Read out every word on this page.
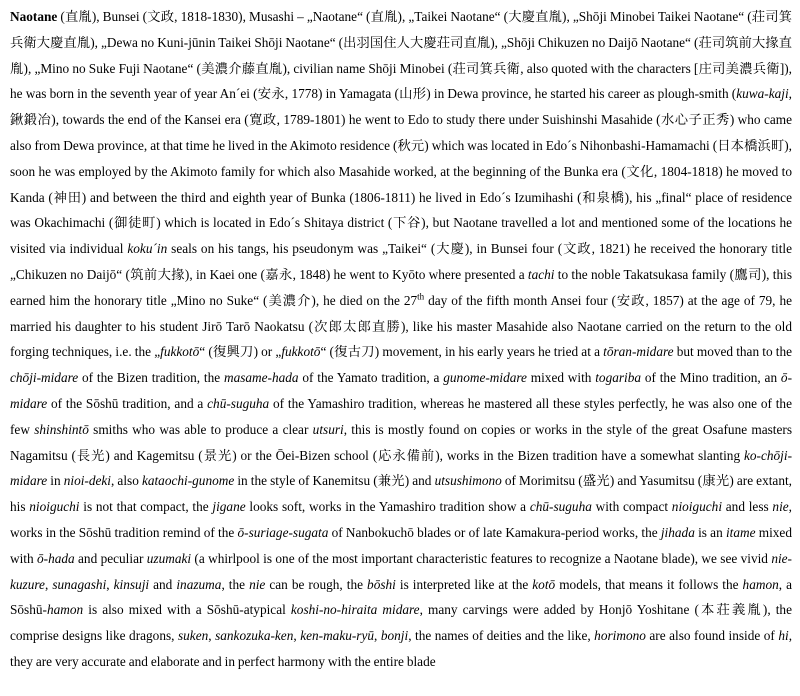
Naotane (直胤), Bunsei (文政, 1818-1830), Musashi – „Naotane“ (直胤), „Taikei Naotane“ (大慶直胤), „Shōji Minobei Taikei Naotane“ (荘司箕兵衛大慶直胤), „Dewa no Kuni-jūnin Taikei Shōji Naotane“ (出羽国住人大慶荘司直胤), „Shōji Chikuzen no Daijō Naotane“ (荘司筑前大掾直胤), „Mino no Suke Fuji Naotane“ (美濃介藤直胤), civilian name Shōji Minobei (荘司箕兵衛, also quoted with the characters [庄司美濃兵衛]), he was born in the seventh year of year An´ei (安永, 1778) in Yamagata (山形) in Dewa province, he started his career as plough-smith (kuwa-kaji, 鍬鍛冶), towards the end of the Kansei era (寛政, 1789-1801) he went to Edo to study there under Suishinshi Masahide (水心子正秀) who came also from Dewa province, at that time he lived in the Akimoto residence (秋元) which was located in Edo´s Nihonbashi-Hamamachi (日本橋浜町), soon he was employed by the Akimoto family for which also Masahide worked, at the beginning of the Bunka era (文化, 1804-1818) he moved to Kanda (神田) and between the third and eighth year of Bunka (1806-1811) he lived in Edo´s Izumihashi (和泉橋), his „final“ place of residence was Okachimachi (御徒町) which is located in Edo´s Shitaya district (下谷), but Naotane travelled a lot and mentioned some of the locations he visited via individual koku´in seals on his tangs, his pseudonym was „Taikei“ (大慶), in Bunsei four (文政, 1821) he received the honorary title „Chikuzen no Daijō“ (筑前大掾), in Kaei one (嘉永, 1848) he went to Kyōto where presented a tachi to the noble Takatsukasa family (鷹司), this earned him the honorary title „Mino no Suke“ (美濃介), he died on the 27th day of the fifth month Ansei four (安政, 1857) at the age of 79, he married his daughter to his student Jirō Tarō Naokatsu (次郎太郎直勝), like his master Masahide also Naotane carried on the return to the old forging techniques, i.e. the „fukkotō“ (復興刀) or „fukkotō“ (復古刀) movement, in his early years he tried at a tōran-midare but moved than to the chōji-midare of the Bizen tradition, the masame-hada of the Yamato tradition, a gunome-midare mixed with togariba of the Mino tradition, an ō-midare of the Sōshū tradition, and a chū-suguha of the Yamashiro tradition, whereas he mastered all these styles perfectly, he was also one of the few shinshintō smiths who was able to produce a clear utsuri, this is mostly found on copies or works in the style of the great Osafune masters Nagamitsu (長光) and Kagemitsu (景光) or the Ōei-Bizen school (応永備前), works in the Bizen tradition have a somewhat slanting ko-chōji-midare in nioi-deki, also kataochi-gunome in the style of Kanemitsu (兼光) and utsushimono of Morimitsu (盛光) and Yasumitsu (康光) are extant, his nioiguchi is not that compact, the jigane looks soft, works in the Yamashiro tradition show a chū-suguha with compact nioiguchi and less nie, works in the Sōshū tradition remind of the ō-suriage-sugata of Nanbokuchō blades or of late Kamakura-period works, the jihada is an itame mixed with ō-hada and peculiar uzumaki (a whirlpool is one of the most important characteristic features to recognize a Naotane blade), we see vivid nie-kuzure, sunagashi, kinsuji and inazuma, the nie can be rough, the bōshi is interpreted like at the kotō models, that means it follows the hamon, a Sōshū-hamon is also mixed with a Sōshū-atypical koshi-no-hiraita midare, many carvings were added by Honjō Yoshitane (本荘義胤), the comprise designs like dragons, suken, sankozuka-ken, ken-maku-ryū, bonji, the names of deities and the like, horimono are also found inside of hi, they are very accurate and elaborate and in perfect harmony with the entire blade
